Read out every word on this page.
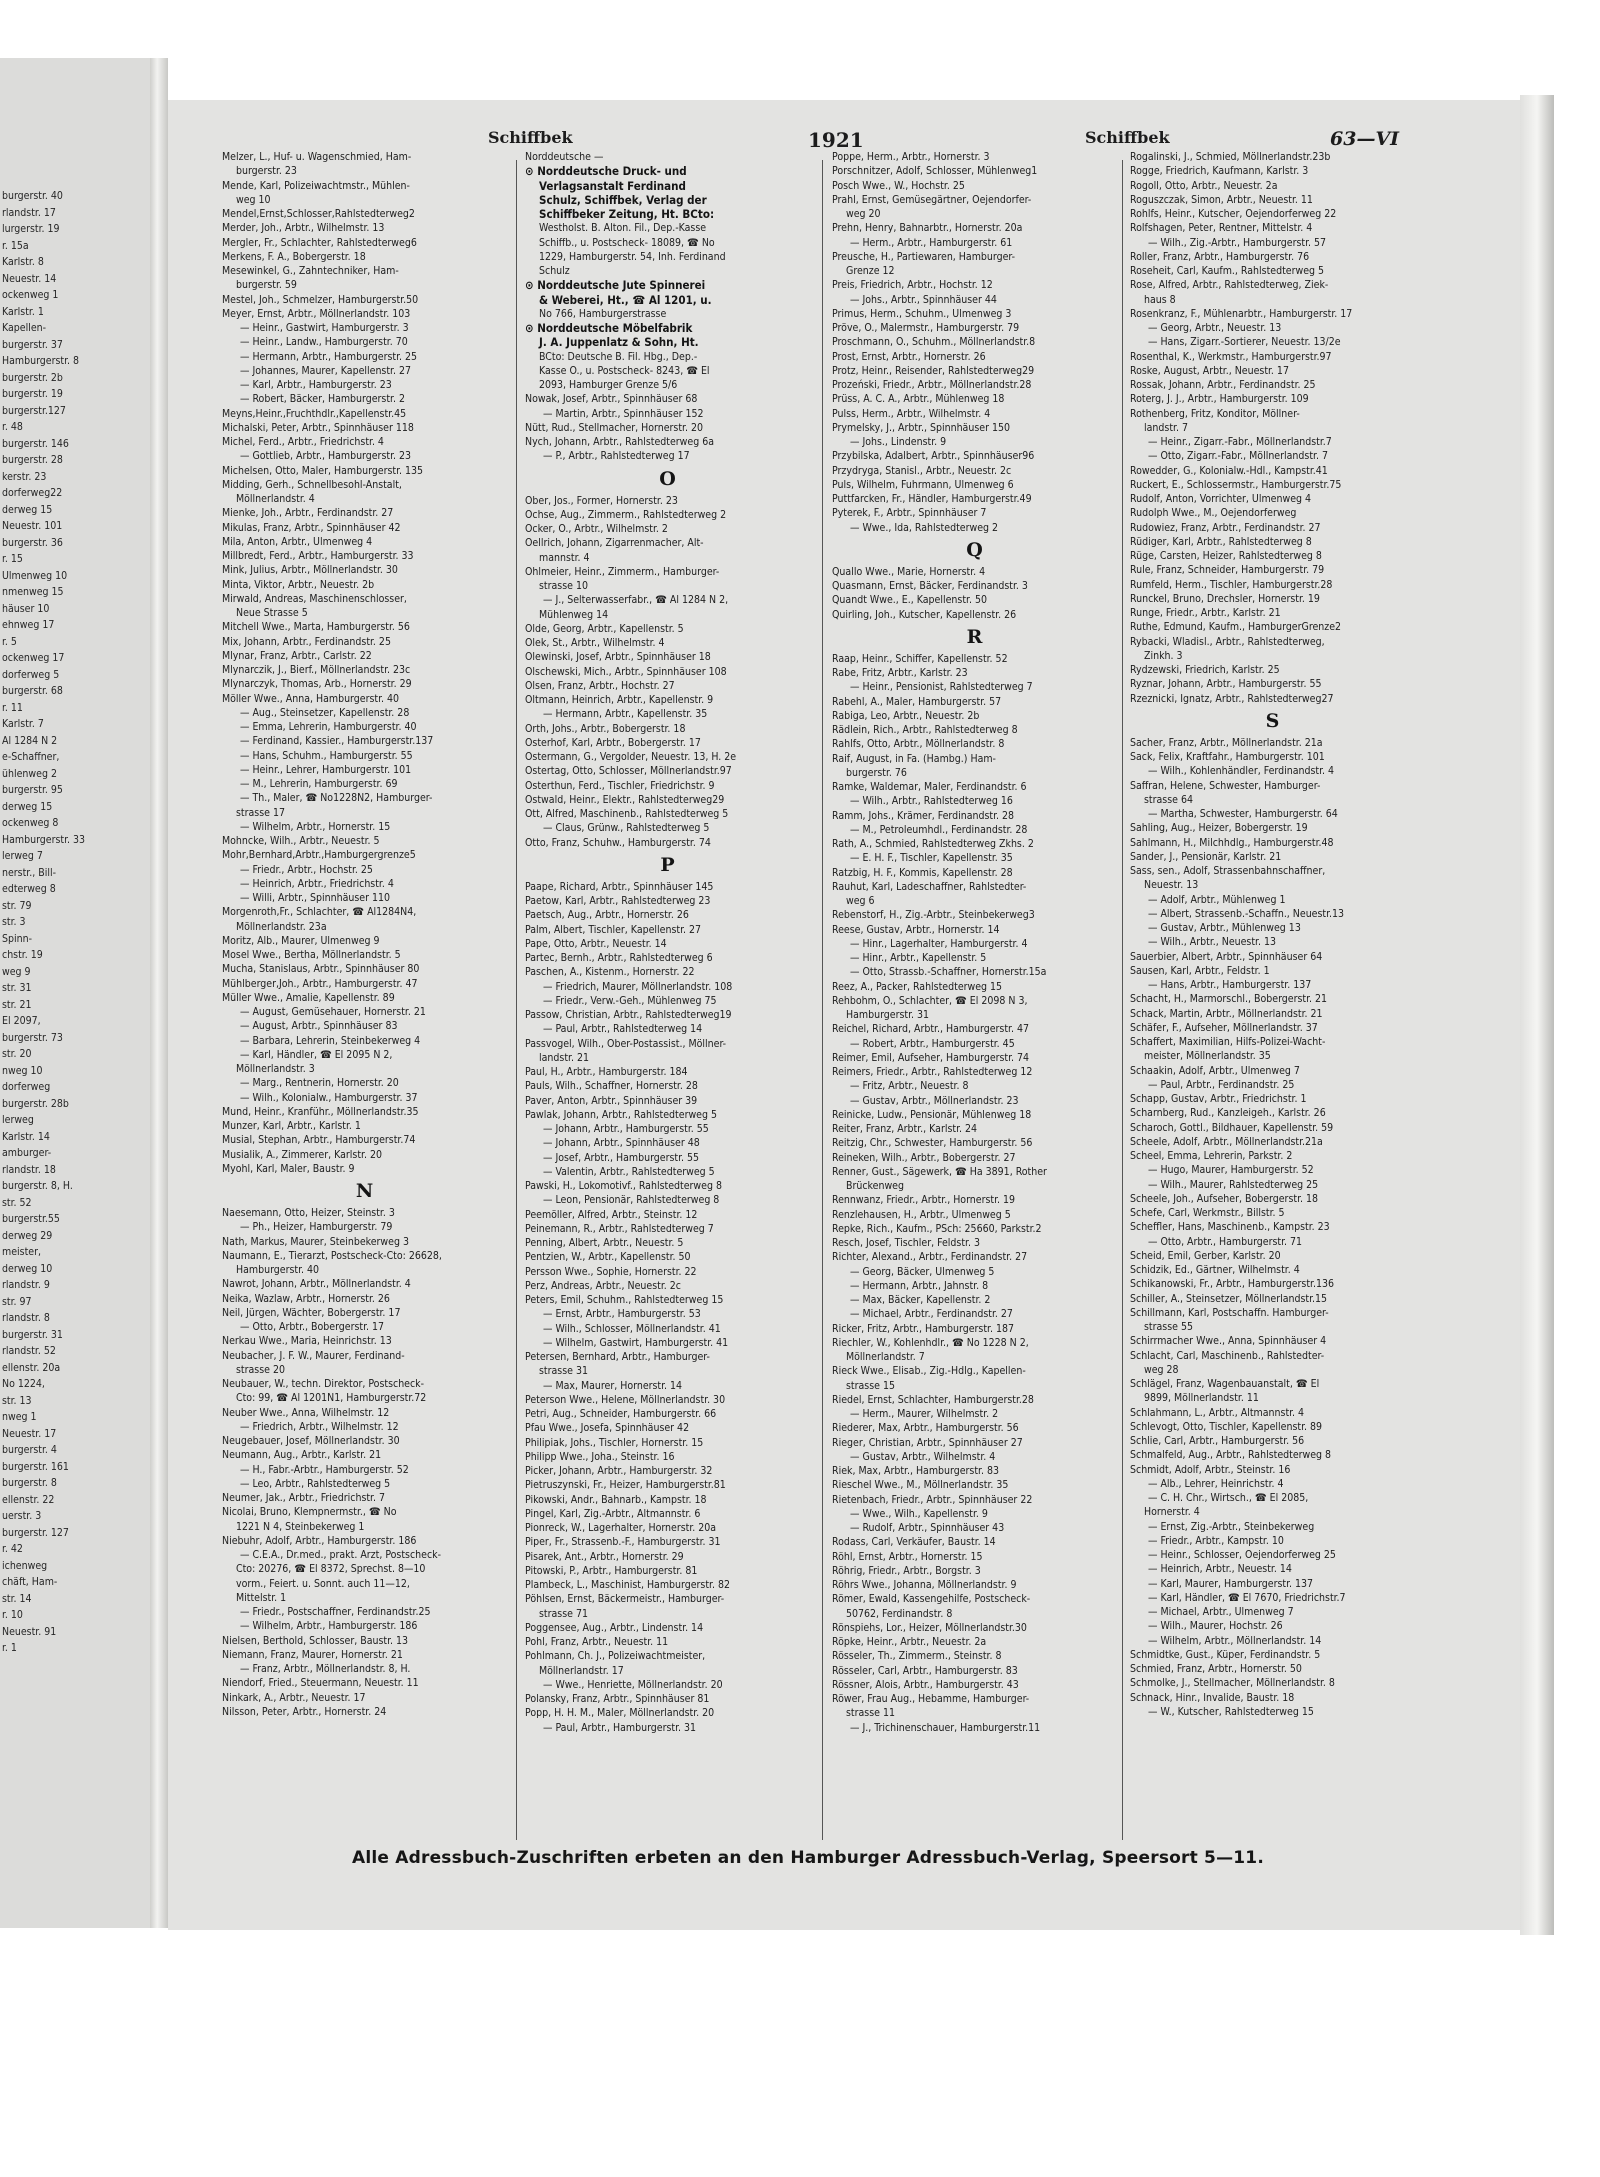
burgerstr. 40
rlandstr. 17
lurgerstr. 19
r. 15a
Karlstr. 8
Neuestr. 14
ockenweg 1
Karlstr. 1
Kapellen-
burgerstr. 37
Hamburgerstr. 8
burgerstr. 2b
burgerstr. 19
burgerstr.127
r. 48
burgerstr. 146
burgerstr. 28
kerstr. 23
dorferweg22
derweg 15
Neuestr. 101
burgerstr. 36
r. 15
Ulmenweg 10
nmenweg 15
häuser 10
ehnweg 17
r. 5
ockenweg 17
dorferweg 5
burgerstr. 68
r. 11
Karlstr. 7
Al 1284 N 2
e-Schaffner,
ühlenweg 2
burgerstr. 95
derweg 15
ockenweg 8
Hamburgerstr. 33
lerweg 7
nerstr., Bill-
edterweg 8
str. 79
str. 3
Spinn-
chstr. 19
weg 9
str. 31
str. 21
El 2097,
burgerstr. 73
str. 20
nweg 10
dorferweg
burgerstr. 28b
lerweg
Karlstr. 14
amburger-
rlandstr. 18
burgerstr. 8, H.
str. 52
burgerstr.55
derweg 29
meister,
derweg 10
rlandstr. 9
str. 97
rlandstr. 8
burgerstr. 31
rlandstr. 52
ellenstr. 20a
No 1224,
str. 13
nweg 1
Neuestr. 17
burgerstr. 4
burgerstr. 161
burgerstr. 8
ellenstr. 22
uerstr. 3
burgerstr. 127
r. 42
ichenweg
chäft, Ham-
str. 14
r. 10
Neuestr. 91
r. 1
Schiffbek	1921	Schiffbek	63—VI
Melzer, L., Huf- u. Wagenschmied, Ham-
burgerstr. 23
Mende, Karl, Polizeiwachtmstr., Mühlen-
weg 10
Mendel,Ernst,Schlosser,Rahlstedterweg2
Merder, Joh., Arbtr., Wilhelmstr. 13
Mergler, Fr., Schlachter, Rahlstedterweg6
Merkens, F. A., Bobergerstr. 18
Mesewinkel, G., Zahntechniker, Ham-
burgerstr. 59
Mestel, Joh., Schmelzer, Hamburgerstr.50
Meyer, Ernst, Arbtr., Möllnerlandstr. 103
— Heinr., Gastwirt, Hamburgerstr. 3
— Heinr., Landw., Hamburgerstr. 70
— Hermann, Arbtr., Hamburgerstr. 25
— Johannes, Maurer, Kapellenstr. 27
— Karl, Arbtr., Hamburgerstr. 23
— Robert, Bäcker, Hamburgerstr. 2
Meyns,Heinr.,Fruchthdlr.,Kapellenstr.45
Michalski, Peter, Arbtr., Spinnhäuser 118
Michel, Ferd., Arbtr., Friedrichstr. 4
— Gottlieb, Arbtr., Hamburgerstr. 23
Michelsen, Otto, Maler, Hamburgerstr. 135
Midding, Gerh., Schnellbesohl-Anstalt,
Möllnerlandstr. 4
Mienke, Joh., Arbtr., Ferdinandstr. 27
Mikulas, Franz, Arbtr., Spinnhäuser 42
Mila, Anton, Arbtr., Ulmenweg 4
Millbredt, Ferd., Arbtr., Hamburgerstr. 33
Mink, Julius, Arbtr., Möllnerlandstr. 30
Minta, Viktor, Arbtr., Neuestr. 2b
Mirwald, Andreas, Maschinenschlosser,
Neue Strasse 5
Mitchell Wwe., Marta, Hamburgerstr. 56
Mix, Johann, Arbtr., Ferdinandstr. 25
Mlynar, Franz, Arbtr., Carlstr. 22
Mlynarczik, J., Bierf., Möllnerlandstr. 23c
Mlynarczyk, Thomas, Arb., Hornerstr. 29
Möller Wwe., Anna, Hamburgerstr. 40
— Aug., Steinsetzer, Kapellenstr. 28
— Emma, Lehrerin, Hamburgerstr. 40
— Ferdinand, Kassier., Hamburgerstr.137
— Hans, Schuhm., Hamburgerstr. 55
— Heinr., Lehrer, Hamburgerstr. 101
— M., Lehrerin, Hamburgerstr. 69
— Th., Maler, ☎ No1228N2, Hamburger-
strasse 17
— Wilhelm, Arbtr., Hornerstr. 15
Mohncke, Wilh., Arbtr., Neuestr. 5
Mohr,Bernhard,Arbtr.,Hamburgergrenze5
— Friedr., Arbtr., Hochstr. 25
— Heinrich, Arbtr., Friedrichstr. 4
— Willi, Arbtr., Spinnhäuser 110
Morgenroth,Fr., Schlachter, ☎ Al1284N4,
Möllnerlandstr. 23a
Moritz, Alb., Maurer, Ulmenweg 9
Mosel Wwe., Bertha, Möllnerlandstr. 5
Mucha, Stanislaus, Arbtr., Spinnhäuser 80
Mühlberger,Joh., Arbtr., Hamburgerstr. 47
Müller Wwe., Amalie, Kapellenstr. 89
— August, Gemüsehauer, Hornerstr. 21
— August, Arbtr., Spinnhäuser 83
— Barbara, Lehrerin, Steinbekerweg 4
— Karl, Händler, ☎ El 2095 N 2,
Möllnerlandstr. 3
— Marg., Rentnerin, Hornerstr. 20
— Wilh., Kolonialw., Hamburgerstr. 37
Mund, Heinr., Kranführ., Möllnerlandstr.35
Munzer, Karl, Arbtr., Karlstr. 1
Musial, Stephan, Arbtr., Hamburgerstr.74
Musialik, A., Zimmerer, Karlstr. 20
Myohl, Karl, Maler, Baustr. 9
N
Naesemann, Otto, Heizer, Steinstr. 3
— Ph., Heizer, Hamburgerstr. 79
Nath, Markus, Maurer, Steinbekerweg 3
Naumann, E., Tierarzt, Postscheck-Cto: 26628,
Hamburgerstr. 40
Nawrot, Johann, Arbtr., Möllnerlandstr. 4
Neika, Wazlaw, Arbtr., Hornerstr. 26
Neil, Jürgen, Wächter, Bobergerstr. 17
— Otto, Arbtr., Bobergerstr. 17
Nerkau Wwe., Maria, Heinrichstr. 13
Neubacher, J. F. W., Maurer, Ferdinand-
strasse 20
Neubauer, W., techn. Direktor, Postscheck-
Cto: 99, ☎ Al 1201N1, Hamburgerstr.72
Neuber Wwe., Anna, Wilhelmstr. 12
— Friedrich, Arbtr., Wilhelmstr. 12
Neugebauer, Josef, Möllnerlandstr. 30
Neumann, Aug., Arbtr., Karlstr. 21
— H., Fabr.-Arbtr., Hamburgerstr. 52
— Leo, Arbtr., Rahlstedterweg 5
Neumer, Jak., Arbtr., Friedrichstr. 7
Nicolai, Bruno, Klempnermstr., ☎ No
1221 N 4, Steinbekerweg 1
Niebuhr, Adolf, Arbtr., Hamburgerstr. 186
— C.E.A., Dr.med., prakt. Arzt, Postscheck-
Cto: 20276, ☎ El 8372, Sprechst. 8—10
vorm., Feiert. u. Sonnt. auch 11—12,
Mittelstr. 1
— Friedr., Postschaffner, Ferdinandstr.25
— Wilhelm, Arbtr., Hamburgerstr. 186
Nielsen, Berthold, Schlosser, Baustr. 13
Niemann, Franz, Maurer, Hornerstr. 21
— Franz, Arbtr., Möllnerlandstr. 8, H.
Niendorf, Fried., Steuermann, Neuestr. 11
Ninkark, A., Arbtr., Neuestr. 17
Nilsson, Peter, Arbtr., Hornerstr. 24
Norddeutsche —
⊙ Norddeutsche Druck- und
Verlagsanstalt Ferdinand
Schulz, Schiffbek, Verlag der
Schiffbeker Zeitung, Ht. BCto:
Westholst. B. Alton. Fil., Dep.-Kasse
Schiffb., u. Postscheck- 18089, ☎ No
1229, Hamburgerstr. 54, Inh. Ferdinand
Schulz
⊙ Norddeutsche Jute Spinnerei
& Weberei, Ht., ☎ Al 1201, u.
No 766, Hamburgerstrasse
⊙ Norddeutsche Möbelfabrik
J. A. Juppenlatz & Sohn, Ht.
BCto: Deutsche B. Fil. Hbg., Dep.-
Kasse O., u. Postscheck- 8243, ☎ El
2093, Hamburger Grenze 5/6
Nowak, Josef, Arbtr., Spinnhäuser 68
— Martin, Arbtr., Spinnhäuser 152
Nütt, Rud., Stellmacher, Hornerstr. 20
Nych, Johann, Arbtr., Rahlstedterweg 6a
— P., Arbtr., Rahlstedterweg 17
O
Ober, Jos., Former, Hornerstr. 23
Ochse, Aug., Zimmerm., Rahlstedterweg 2
Ocker, O., Arbtr., Wilhelmstr. 2
Oellrich, Johann, Zigarrenmacher, Alt-
mannstr. 4
Ohlmeier, Heinr., Zimmerm., Hamburger-
strasse 10
— J., Selterwasserfabr., ☎ Al 1284 N 2,
Mühlenweg 14
Olde, Georg, Arbtr., Kapellenstr. 5
Olek, St., Arbtr., Wilhelmstr. 4
Olewinski, Josef, Arbtr., Spinnhäuser 18
Olschewski, Mich., Arbtr., Spinnhäuser 108
Olsen, Franz, Arbtr., Hochstr. 27
Oltmann, Heinrich, Arbtr., Kapellenstr. 9
— Hermann, Arbtr., Kapellenstr. 35
Orth, Johs., Arbtr., Bobergerstr. 18
Osterhof, Karl, Arbtr., Bobergerstr. 17
Ostermann, G., Vergolder, Neuestr. 13, H. 2e
Ostertag, Otto, Schlosser, Möllnerlandstr.97
Osterthun, Ferd., Tischler, Friedrichstr. 9
Ostwald, Heinr., Elektr., Rahlstedterweg29
Ott, Alfred, Maschinenb., Rahlstedterweg 5
— Claus, Grünw., Rahlstedterweg 5
Otto, Franz, Schuhw., Hamburgerstr. 74
P
Paape, Richard, Arbtr., Spinnhäuser 145
Paetow, Karl, Arbtr., Rahlstedterweg 23
Paetsch, Aug., Arbtr., Hornerstr. 26
Palm, Albert, Tischler, Kapellenstr. 27
Pape, Otto, Arbtr., Neuestr. 14
Partec, Bernh., Arbtr., Rahlstedterweg 6
Paschen, A., Kistenm., Hornerstr. 22
— Friedrich, Maurer, Möllnerlandstr. 108
— Friedr., Verw.-Geh., Mühlenweg 75
Passow, Christian, Arbtr., Rahlstedterweg19
— Paul, Arbtr., Rahlstedterweg 14
Passvogel, Wilh., Ober-Postassist., Möllner-
landstr. 21
Paul, H., Arbtr., Hamburgerstr. 184
Pauls, Wilh., Schaffner, Hornerstr. 28
Paver, Anton, Arbtr., Spinnhäuser 39
Pawlak, Johann, Arbtr., Rahlstedterweg 5
— Johann, Arbtr., Hamburgerstr. 55
— Johann, Arbtr., Spinnhäuser 48
— Josef, Arbtr., Hamburgerstr. 55
— Valentin, Arbtr., Rahlstedterweg 5
Pawski, H., Lokomotivf., Rahlstedterweg 8
— Leon, Pensionär, Rahlstedterweg 8
Peemöller, Alfred, Arbtr., Steinstr. 12
Peinemann, R., Arbtr., Rahlstedterweg 7
Penning, Albert, Arbtr., Neuestr. 5
Pentzien, W., Arbtr., Kapellenstr. 50
Persson Wwe., Sophie, Hornerstr. 22
Perz, Andreas, Arbtr., Neuestr. 2c
Peters, Emil, Schuhm., Rahlstedterweg 15
— Ernst, Arbtr., Hamburgerstr. 53
— Wilh., Schlosser, Möllnerlandstr. 41
— Wilhelm, Gastwirt, Hamburgerstr. 41
Petersen, Bernhard, Arbtr., Hamburger-
strasse 31
— Max, Maurer, Hornerstr. 14
Peterson Wwe., Helene, Möllnerlandstr. 30
Petri, Aug., Schneider, Hamburgerstr. 66
Pfau Wwe., Josefa, Spinnhäuser 42
Philipiak, Johs., Tischler, Hornerstr. 15
Philipp Wwe., Joha., Steinstr. 16
Picker, Johann, Arbtr., Hamburgerstr. 32
Pietruszynski, Fr., Heizer, Hamburgerstr.81
Pikowski, Andr., Bahnarb., Kampstr. 18
Pingel, Karl, Zig.-Arbtr., Altmannstr. 6
Pionreck, W., Lagerhalter, Hornerstr. 20a
Piper, Fr., Strassenb.-F., Hamburgerstr. 31
Pisarek, Ant., Arbtr., Hornerstr. 29
Pitowski, P., Arbtr., Hamburgerstr. 81
Plambeck, L., Maschinist, Hamburgerstr. 82
Pöhlsen, Ernst, Bäckermeistr., Hamburger-
strasse 71
Poggensee, Aug., Arbtr., Lindenstr. 14
Pohl, Franz, Arbtr., Neuestr. 11
Pohlmann, Ch. J., Polizeiwachtmeister,
Möllnerlandstr. 17
— Wwe., Henriette, Möllnerlandstr. 20
Polansky, Franz, Arbtr., Spinnhäuser 81
Popp, H. H. M., Maler, Möllnerlandstr. 20
— Paul, Arbtr., Hamburgerstr. 31
Poppe, Herm., Arbtr., Hornerstr. 3
Porschnitzer, Adolf, Schlosser, Mühlenweg1
Posch Wwe., W., Hochstr. 25
Prahl, Ernst, Gemüsegärtner, Oejendorfer-
weg 20
Prehn, Henry, Bahnarbtr., Hornerstr. 20a
— Herm., Arbtr., Hamburgerstr. 61
Preusche, H., Partiewaren, Hamburger-
Grenze 12
Preis, Friedrich, Arbtr., Hochstr. 12
— Johs., Arbtr., Spinnhäuser 44
Primus, Herm., Schuhm., Ulmenweg 3
Pröve, O., Malermstr., Hamburgerstr. 79
Proschmann, O., Schuhm., Möllnerlandstr.8
Prost, Ernst, Arbtr., Hornerstr. 26
Protz, Heinr., Reisender, Rahlstedterweg29
Prozeński, Friedr., Arbtr., Möllnerlandstr.28
Prüss, A. C. A., Arbtr., Mühlenweg 18
Pulss, Herm., Arbtr., Wilhelmstr. 4
Prymelsky, J., Arbtr., Spinnhäuser 150
— Johs., Lindenstr. 9
Przybilska, Adalbert, Arbtr., Spinnhäuser96
Przydryga, Stanisl., Arbtr., Neuestr. 2c
Puls, Wilhelm, Fuhrmann, Ulmenweg 6
Puttfarcken, Fr., Händler, Hamburgerstr.49
Pyterek, F., Arbtr., Spinnhäuser 7
— Wwe., Ida, Rahlstedterweg 2
Q
Quallo Wwe., Marie, Hornerstr. 4
Quasmann, Ernst, Bäcker, Ferdinandstr. 3
Quandt Wwe., E., Kapellenstr. 50
Quirling, Joh., Kutscher, Kapellenstr. 26
R
Raap, Heinr., Schiffer, Kapellenstr. 52
Rabe, Fritz, Arbtr., Karlstr. 23
— Heinr., Pensionist, Rahlstedterweg 7
Rabehl, A., Maler, Hamburgerstr. 57
Rabiga, Leo, Arbtr., Neuestr. 2b
Rädlein, Rich., Arbtr., Rahlstedterweg 8
Rahlfs, Otto, Arbtr., Möllnerlandstr. 8
Raif, August, in Fa. (Hambg.) Ham-
burgerstr. 76
Ramke, Waldemar, Maler, Ferdinandstr. 6
— Wilh., Arbtr., Rahlstedterweg 16
Ramm, Johs., Krämer, Ferdinandstr. 28
— M., Petroleumhdl., Ferdinandstr. 28
Rath, A., Schmied, Rahlstedterweg Zkhs. 2
— E. H. F., Tischler, Kapellenstr. 35
Ratzbig, H. F., Kommis, Kapellenstr. 28
Rauhut, Karl, Ladeschaffner, Rahlstedter-
weg 6
Rebenstorf, H., Zig.-Arbtr., Steinbekerweg3
Reese, Gustav, Arbtr., Hornerstr. 14
— Hinr., Lagerhalter, Hamburgerstr. 4
— Hinr., Arbtr., Kapellenstr. 5
— Otto, Strassb.-Schaffner, Hornerstr.15a
Reez, A., Packer, Rahlstedterweg 15
Rehbohm, O., Schlachter, ☎ El 2098 N 3,
Hamburgerstr. 31
Reichel, Richard, Arbtr., Hamburgerstr. 47
— Robert, Arbtr., Hamburgerstr. 45
Reimer, Emil, Aufseher, Hamburgerstr. 74
Reimers, Friedr., Arbtr., Rahlstedterweg 12
— Fritz, Arbtr., Neuestr. 8
— Gustav, Arbtr., Möllnerlandstr. 23
Reinicke, Ludw., Pensionär, Mühlenweg 18
Reiter, Franz, Arbtr., Karlstr. 24
Reitzig, Chr., Schwester, Hamburgerstr. 56
Reineken, Wilh., Arbtr., Bobergerstr. 27
Renner, Gust., Sägewerk, ☎ Ha 3891, Rother
Brückenweg
Rennwanz, Friedr., Arbtr., Hornerstr. 19
Renzlehausen, H., Arbtr., Ulmenweg 5
Repke, Rich., Kaufm., PSch: 25660, Parkstr.2
Resch, Josef, Tischler, Feldstr. 3
Richter, Alexand., Arbtr., Ferdinandstr. 27
— Georg, Bäcker, Ulmenweg 5
— Hermann, Arbtr., Jahnstr. 8
— Max, Bäcker, Kapellenstr. 2
— Michael, Arbtr., Ferdinandstr. 27
Ricker, Fritz, Arbtr., Hamburgerstr. 187
Riechler, W., Kohlenhdlr., ☎ No 1228 N 2,
Möllnerlandstr. 7
Rieck Wwe., Elisab., Zig.-Hdlg., Kapellen-
strasse 15
Riedel, Ernst, Schlachter, Hamburgerstr.28
— Herm., Maurer, Wilhelmstr. 2
Riederer, Max, Arbtr., Hamburgerstr. 56
Rieger, Christian, Arbtr., Spinnhäuser 27
— Gustav, Arbtr., Wilhelmstr. 4
Riek, Max, Arbtr., Hamburgerstr. 83
Rieschel Wwe., M., Möllnerlandstr. 35
Rietenbach, Friedr., Arbtr., Spinnhäuser 22
— Wwe., Wilh., Kapellenstr. 9
— Rudolf, Arbtr., Spinnhäuser 43
Rodass, Carl, Verkäufer, Baustr. 14
Röhl, Ernst, Arbtr., Hornerstr. 15
Röhrig, Friedr., Arbtr., Borgstr. 3
Röhrs Wwe., Johanna, Möllnerlandstr. 9
Römer, Ewald, Kassengehilfe, Postscheck-
50762, Ferdinandstr. 8
Rönspiehs, Lor., Heizer, Möllnerlandstr.30
Röpke, Heinr., Arbtr., Neuestr. 2a
Rösseler, Th., Zimmerm., Steinstr. 8
Rösseler, Carl, Arbtr., Hamburgerstr. 83
Rössner, Alois, Arbtr., Hamburgerstr. 43
Röwer, Frau Aug., Hebamme, Hamburger-
strasse 11
— J., Trichinenschauer, Hamburgerstr.11
Rogalinski, J., Schmied, Möllnerlandstr.23b
Rogge, Friedrich, Kaufmann, Karlstr. 3
Rogoll, Otto, Arbtr., Neuestr. 2a
Roguszczak, Simon, Arbtr., Neuestr. 11
Rohlfs, Heinr., Kutscher, Oejendorferweg 22
Rolfshagen, Peter, Rentner, Mittelstr. 4
— Wilh., Zig.-Arbtr., Hamburgerstr. 57
Roller, Franz, Arbtr., Hamburgerstr. 76
Roseheit, Carl, Kaufm., Rahlstedterweg 5
Rose, Alfred, Arbtr., Rahlstedterweg, Ziek-
haus 8
Rosenkranz, F., Mühlenarbtr., Hamburgerstr. 17
— Georg, Arbtr., Neuestr. 13
— Hans, Zigarr.-Sortierer, Neuestr. 13/2e
Rosenthal, K., Werkmstr., Hamburgerstr.97
Roske, August, Arbtr., Neuestr. 17
Rossak, Johann, Arbtr., Ferdinandstr. 25
Roterg, J. J., Arbtr., Hamburgerstr. 109
Rothenberg, Fritz, Konditor, Möllner-
landstr. 7
— Heinr., Zigarr.-Fabr., Möllnerlandstr.7
— Otto, Zigarr.-Fabr., Möllnerlandstr. 7
Rowedder, G., Kolonialw.-Hdl., Kampstr.41
Ruckert, E., Schlossermstr., Hamburgerstr.75
Rudolf, Anton, Vorrichter, Ulmenweg 4
Rudolph Wwe., M., Oejendorferweg
Rudowiez, Franz, Arbtr., Ferdinandstr. 27
Rüdiger, Karl, Arbtr., Rahlstedterweg 8
Rüge, Carsten, Heizer, Rahlstedterweg 8
Rule, Franz, Schneider, Hamburgerstr. 79
Rumfeld, Herm., Tischler, Hamburgerstr.28
Runckel, Bruno, Drechsler, Hornerstr. 19
Runge, Friedr., Arbtr., Karlstr. 21
Ruthe, Edmund, Kaufm., HamburgerGrenze2
Rybacki, Wladisl., Arbtr., Rahlstedterweg,
Zinkh. 3
Rydzewski, Friedrich, Karlstr. 25
Ryznar, Johann, Arbtr., Hamburgerstr. 55
Rzeznicki, Ignatz, Arbtr., Rahlstedterweg27
S
Sacher, Franz, Arbtr., Möllnerlandstr. 21a
Sack, Felix, Kraftfahr., Hamburgerstr. 101
— Wilh., Kohlenhändler, Ferdinandstr. 4
Saffran, Helene, Schwester, Hamburger-
strasse 64
— Martha, Schwester, Hamburgerstr. 64
Sahling, Aug., Heizer, Bobergerstr. 19
Sahlmann, H., Milchhdlg., Hamburgerstr.48
Sander, J., Pensionär, Karlstr. 21
Sass, sen., Adolf, Strassenbahnschaffner,
Neuestr. 13
— Adolf, Arbtr., Mühlenweg 1
— Albert, Strassenb.-Schaffn., Neuestr.13
— Gustav, Arbtr., Mühlenweg 13
— Wilh., Arbtr., Neuestr. 13
Sauerbier, Albert, Arbtr., Spinnhäuser 64
Sausen, Karl, Arbtr., Feldstr. 1
— Hans, Arbtr., Hamburgerstr. 137
Schacht, H., Marmorschl., Bobergerstr. 21
Schack, Martin, Arbtr., Möllnerlandstr. 21
Schäfer, F., Aufseher, Möllnerlandstr. 37
Schaffert, Maximilian, Hilfs-Polizei-Wacht-
meister, Möllnerlandstr. 35
Schaakin, Adolf, Arbtr., Ulmenweg 7
— Paul, Arbtr., Ferdinandstr. 25
Schapp, Gustav, Arbtr., Friedrichstr. 1
Scharnberg, Rud., Kanzleigeh., Karlstr. 26
Scharoch, Gottl., Bildhauer, Kapellenstr. 59
Scheele, Adolf, Arbtr., Möllnerlandstr.21a
Scheel, Emma, Lehrerin, Parkstr. 2
— Hugo, Maurer, Hamburgerstr. 52
— Wilh., Maurer, Rahlstedterweg 25
Scheele, Joh., Aufseher, Bobergerstr. 18
Schefe, Carl, Werkmstr., Billstr. 5
Scheffler, Hans, Maschinenb., Kampstr. 23
— Otto, Arbtr., Hamburgerstr. 71
Scheid, Emil, Gerber, Karlstr. 20
Schidzik, Ed., Gärtner, Wilhelmstr. 4
Schikanowski, Fr., Arbtr., Hamburgerstr.136
Schiller, A., Steinsetzer, Möllnerlandstr.15
Schillmann, Karl, Postschaffn. Hamburger-
strasse 55
Schirrmacher Wwe., Anna, Spinnhäuser 4
Schlacht, Carl, Maschinenb., Rahlstedter-
weg 28
Schlägel, Franz, Wagenbauanstalt, ☎ El
9899, Möllnerlandstr. 11
Schlahmann, L., Arbtr., Altmannstr. 4
Schlevogt, Otto, Tischler, Kapellenstr. 89
Schlie, Carl, Arbtr., Hamburgerstr. 56
Schmalfeld, Aug., Arbtr., Rahlstedterweg 8
Schmidt, Adolf, Arbtr., Steinstr. 16
— Alb., Lehrer, Heinrichstr. 4
— C. H. Chr., Wirtsch., ☎ El 2085,
Hornerstr. 4
— Ernst, Zig.-Arbtr., Steinbekerweg
— Friedr., Arbtr., Kampstr. 10
— Heinr., Schlosser, Oejendorferweg 25
— Heinrich, Arbtr., Neuestr. 14
— Karl, Maurer, Hamburgerstr. 137
— Karl, Händler, ☎ El 7670, Friedrichstr.7
— Michael, Arbtr., Ulmenweg 7
— Wilh., Maurer, Hochstr. 26
— Wilhelm, Arbtr., Möllnerlandstr. 14
Schmidtke, Gust., Küper, Ferdinandstr. 5
Schmied, Franz, Arbtr., Hornerstr. 50
Schmolke, J., Stellmacher, Möllnerlandstr. 8
Schnack, Hinr., Invalide, Baustr. 18
— W., Kutscher, Rahlstedterweg 15
Alle Adressbuch-Zuschriften erbeten an den Hamburger Adressbuch-Verlag, Speersort 5—11.
